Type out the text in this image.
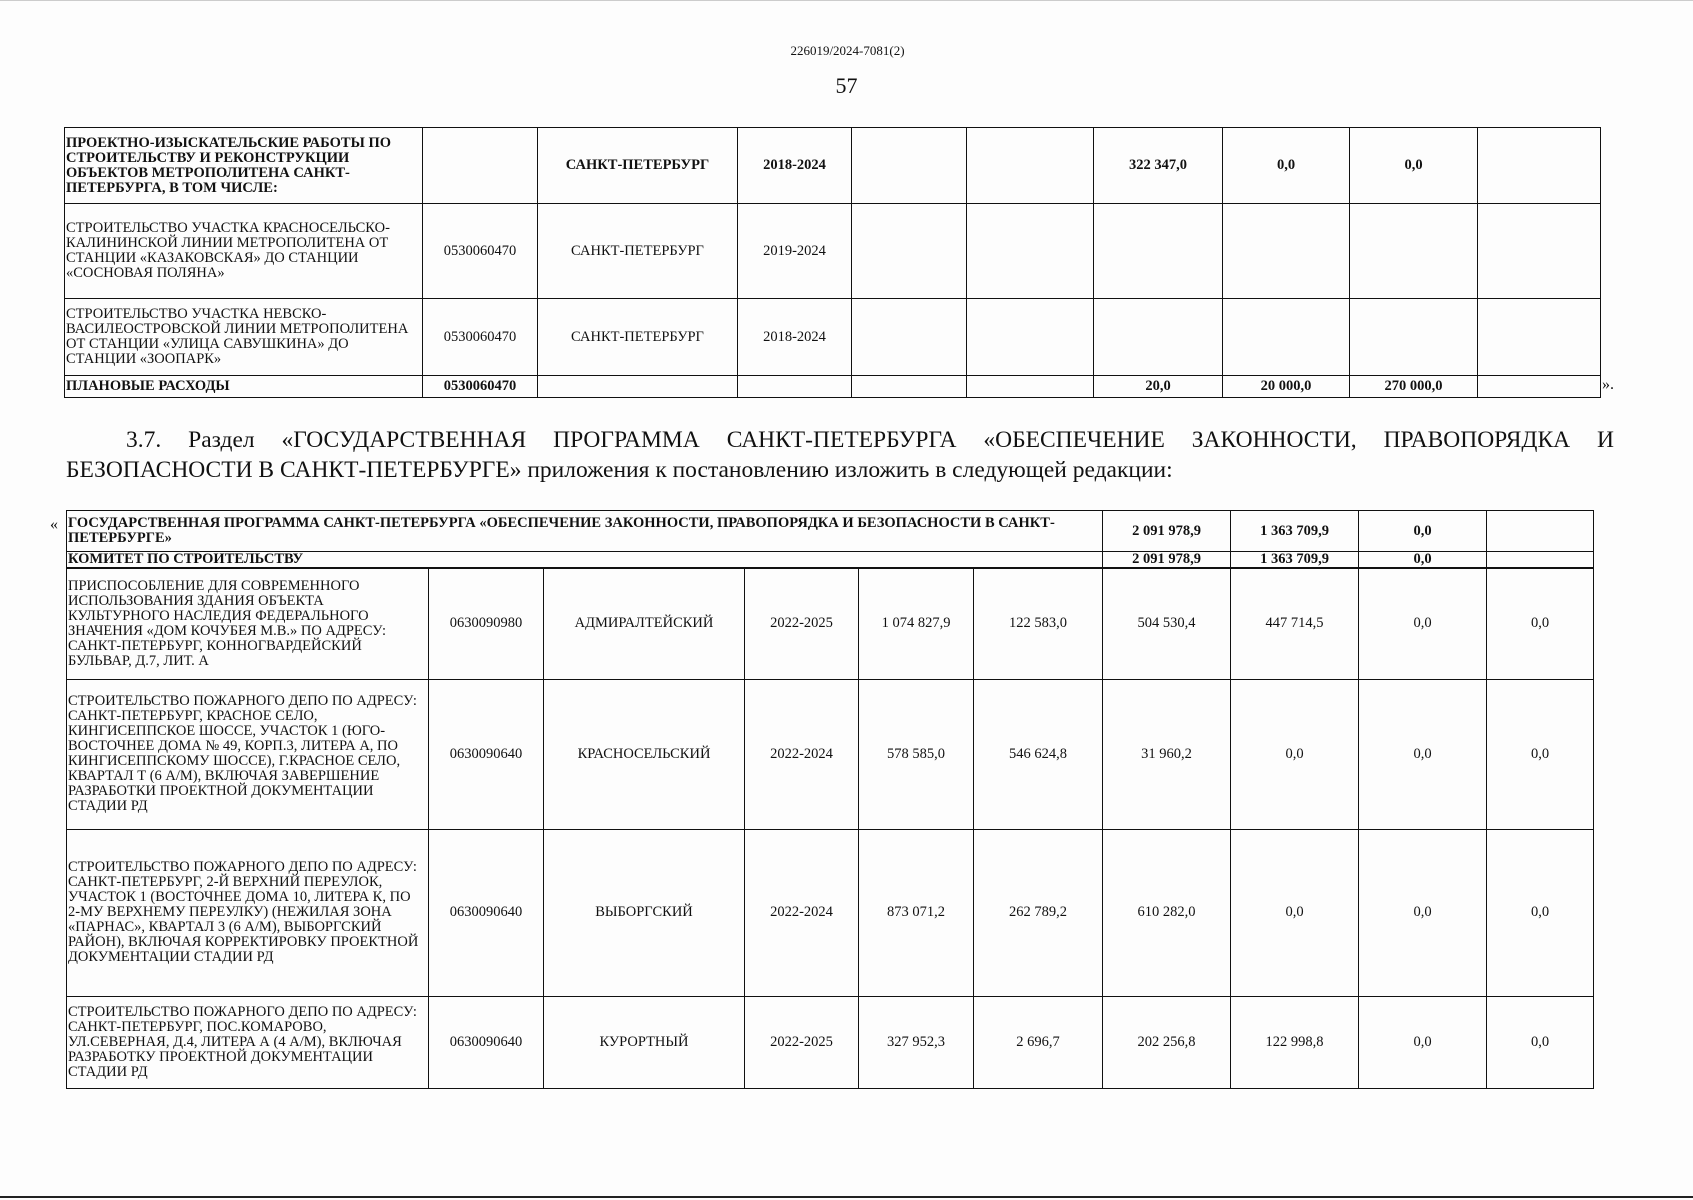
226019/2024-7081(2)
57
ПРОЕКТНО-ИЗЫСКАТЕЛЬСКИЕ РАБОТЫ ПО СТРОИТЕЛЬСТВУ И РЕКОНСТРУКЦИИ ОБЪЕКТОВ МЕТРОПОЛИТЕНА САНКТ-ПЕТЕРБУРГА, В ТОМ ЧИСЛЕ:		САНКТ-ПЕТЕРБУРГ	2018-2024			322 347,0	0,0	0,0	
СТРОИТЕЛЬСТВО УЧАСТКА КРАСНОСЕЛЬСКО-КАЛИНИНСКОЙ ЛИНИИ МЕТРОПОЛИТЕНА ОТ СТАНЦИИ «КАЗАКОВСКАЯ» ДО СТАНЦИИ «СОСНОВАЯ ПОЛЯНА»	0530060470	САНКТ-ПЕТЕРБУРГ	2019-2024						
СТРОИТЕЛЬСТВО УЧАСТКА НЕВСКО-ВАСИЛЕОСТРОВСКОЙ ЛИНИИ МЕТРОПОЛИТЕНА ОТ СТАНЦИИ «УЛИЦА САВУШКИНА» ДО СТАНЦИИ «ЗООПАРК»	0530060470	САНКТ-ПЕТЕРБУРГ	2018-2024						
ПЛАНОВЫЕ РАСХОДЫ	0530060470					20,0	20 000,0	270 000,0		».
3.7. Раздел «ГОСУДАРСТВЕННАЯ ПРОГРАММА САНКТ-ПЕТЕРБУРГА «ОБЕСПЕЧЕНИЕ ЗАКОННОСТИ, ПРАВОПОРЯДКА И БЕЗОПАСНОСТИ В САНКТ-ПЕТЕРБУРГЕ» приложения к постановлению изложить в следующей редакции:
« ГОСУДАРСТВЕННАЯ ПРОГРАММА САНКТ-ПЕТЕРБУРГА «ОБЕСПЕЧЕНИЕ ЗАКОННОСТИ, ПРАВОПОРЯДКА И БЕЗОПАСНОСТИ В САНКТ-ПЕТЕРБУРГЕ»						2 091 978,9	1 363 709,9	0,0	
КОМИТЕТ ПО СТРОИТЕЛЬСТВУ						2 091 978,9	1 363 709,9	0,0	
ПРИСПОСОБЛЕНИЕ ДЛЯ СОВРЕМЕННОГО ИСПОЛЬЗОВАНИЯ ЗДАНИЯ ОБЪЕКТА КУЛЬТУРНОГО НАСЛЕДИЯ ФЕДЕРАЛЬНОГО ЗНАЧЕНИЯ «ДОМ КОЧУБЕЯ М.В.» ПО АДРЕСУ: САНКТ-ПЕТЕРБУРГ, КОННОГВАРДЕЙСКИЙ БУЛЬВАР, Д.7, ЛИТ. А	0630090980	АДМИРАЛТЕЙСКИЙ	2022-2025	1 074 827,9	122 583,0	504 530,4	447 714,5	0,0	0,0
СТРОИТЕЛЬСТВО ПОЖАРНОГО ДЕПО ПО АДРЕСУ: САНКТ-ПЕТЕРБУРГ, КРАСНОЕ СЕЛО, КИНГИСЕППСКОЕ ШОССЕ, УЧАСТОК 1 (ЮГО-ВОСТОЧНЕЕ ДОМА № 49, КОРП.3, ЛИТЕРА А, ПО КИНГИСЕППСКОМУ ШОССЕ), Г.КРАСНОЕ СЕЛО, КВАРТАЛ Т (6 А/М), ВКЛЮЧАЯ ЗАВЕРШЕНИЕ РАЗРАБОТКИ ПРОЕКТНОЙ ДОКУМЕНТАЦИИ СТАДИИ РД	0630090640	КРАСНОСЕЛЬСКИЙ	2022-2024	578 585,0	546 624,8	31 960,2	0,0	0,0	0,0
СТРОИТЕЛЬСТВО ПОЖАРНОГО ДЕПО ПО АДРЕСУ: САНКТ-ПЕТЕРБУРГ, 2-Й ВЕРХНИЙ ПЕРЕУЛОК, УЧАСТОК 1 (ВОСТОЧНЕЕ ДОМА 10, ЛИТЕРА К, ПО 2-МУ ВЕРХНЕМУ ПЕРЕУЛКУ) (НЕЖИЛАЯ ЗОНА «ПАРНАС», КВАРТАЛ 3 (6 А/М), ВЫБОРГСКИЙ РАЙОН), ВКЛЮЧАЯ КОРРЕКТИРОВКУ ПРОЕКТНОЙ ДОКУМЕНТАЦИИ СТАДИИ РД	0630090640	ВЫБОРГСКИЙ	2022-2024	873 071,2	262 789,2	610 282,0	0,0	0,0	0,0
СТРОИТЕЛЬСТВО ПОЖАРНОГО ДЕПО ПО АДРЕСУ: САНКТ-ПЕТЕРБУРГ, ПОС.КОМАРОВО, УЛ.СЕВЕРНАЯ, Д.4, ЛИТЕРА А (4 А/М), ВКЛЮЧАЯ РАЗРАБОТКУ ПРОЕКТНОЙ ДОКУМЕНТАЦИИ СТАДИИ РД	0630090640	КУРОРТНЫЙ	2022-2025	327 952,3	2 696,7	202 256,8	122 998,8	0,0	0,0
